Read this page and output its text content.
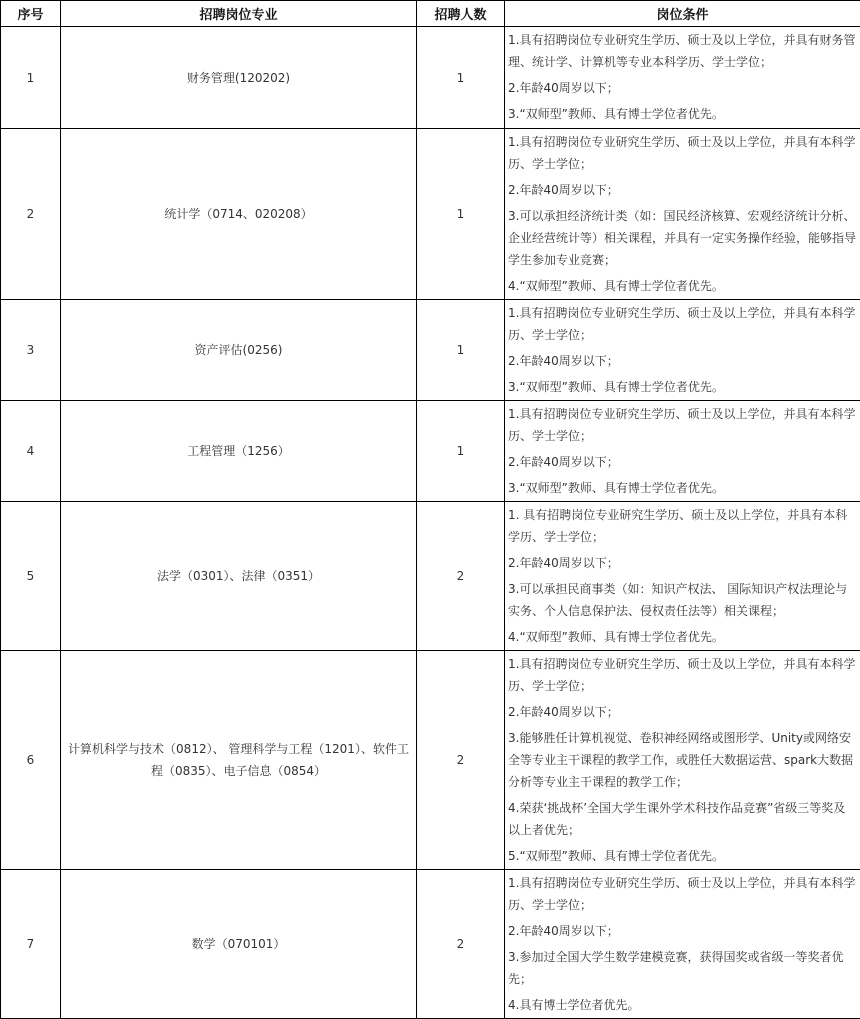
序号	招聘岗位专业	招聘人数	岗位条件
1	财务管理(120202)	1	1.具有招聘岗位专业研究生学历、硕士及以上学位，并具有财务管理、统计学、计算机等专业本科学历、学士学位；
2.年龄40周岁以下；
3.“双师型”教师、具有博士学位者优先。

2	统计学（0714、020208）	1	1.具有招聘岗位专业研究生学历、硕士及以上学位，并具有本科学历、学士学位；
2.年龄40周岁以下；
3.可以承担经济统计类（如：国民经济核算、宏观经济统计分析、企业经营统计等）相关课程，并具有一定实务操作经验，能够指导学生参加专业竞赛；
4.“双师型”教师、具有博士学位者优先。

3	资产评估(0256)	1	1.具有招聘岗位专业研究生学历、硕士及以上学位，并具有本科学历、学士学位；
2.年龄40周岁以下；
3.“双师型”教师、具有博士学位者优先。

4	工程管理（1256）	1	1.具有招聘岗位专业研究生学历、硕士及以上学位，并具有本科学历、学士学位；
2.年龄40周岁以下；
3.“双师型”教师、具有博士学位者优先。

5	法学（0301）、法律（0351）	2	1. 具有招聘岗位专业研究生学历、硕士及以上学位，并具有本科学历、学士学位；
2.年龄40周岁以下；
3.可以承担民商事类（如：知识产权法、 国际知识产权法理论与实务、个人信息保护法、侵权责任法等）相关课程；
4.“双师型”教师、具有博士学位者优先。

6	计算机科学与技术（0812）、 管理科学与工程（1201）、软件工程（0835）、电子信息（0854）	2	1.具有招聘岗位专业研究生学历、硕士及以上学位，并具有本科学历、学士学位；
2.年龄40周岁以下；
3.能够胜任计算机视觉、卷积神经网络或图形学、Unity或网络安全等专业主干课程的教学工作，或胜任大数据运营、spark大数据分析等专业主干课程的教学工作；
4.荣获‘挑战杯’全国大学生课外学术科技作品竞赛”省级三等奖及以上者优先；
5.“双师型”教师、具有博士学位者优先。

7	数学（070101）	2	1.具有招聘岗位专业研究生学历、硕士及以上学位，并具有本科学历、学士学位；
2.年龄40周岁以下；
3.参加过全国大学生数学建模竞赛，获得国奖或省级一等奖者优先；
4.具有博士学位者优先。
